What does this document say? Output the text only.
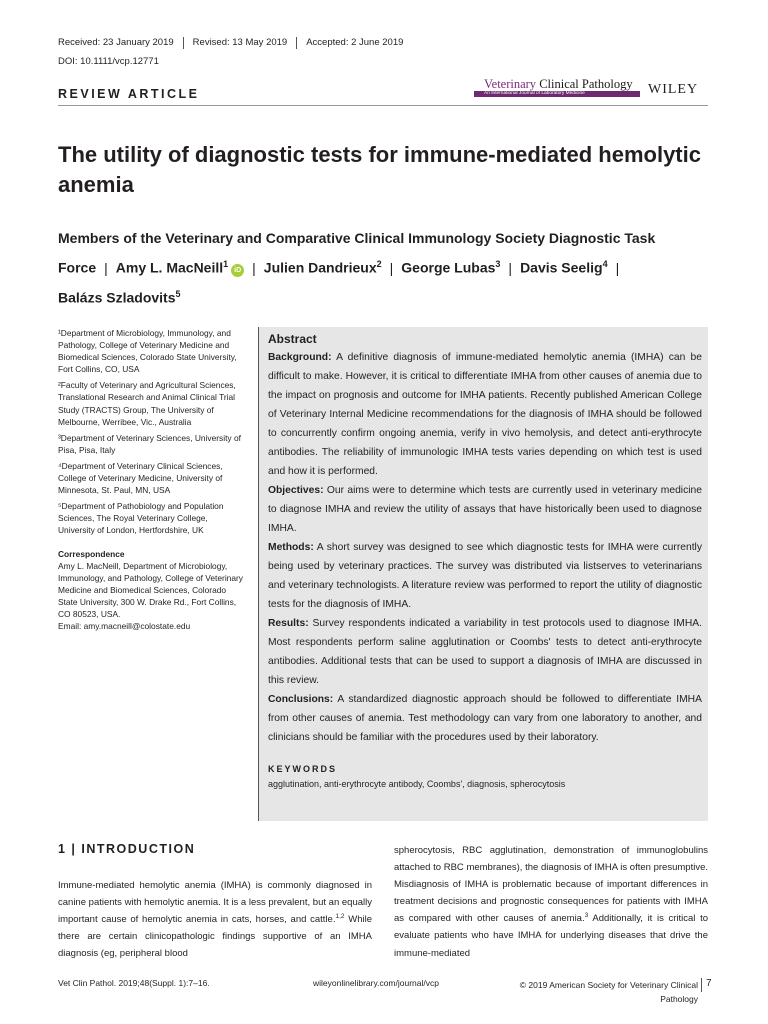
Received: 23 January 2019	Revised: 13 May 2019	Accepted: 2 June 2019
DOI: 10.1111/vcp.12771
REVIEW ARTICLE
Veterinary Clinical Pathology
An International Journal of Laboratory Medicine	WILEY
The utility of diagnostic tests for immune-mediated hemolytic anemia
Members of the Veterinary and Comparative Clinical Immunology Society Diagnostic Task Force | Amy L. MacNeill$^1$iD | Julien Dandrieux$^2$ | George Lubas$^3$ | Davis Seelig$^4$ |
Balázs Szladovits$^5$
¹Department of Microbiology, Immunology, and Pathology, College of Veterinary Medicine and Biomedical Sciences, Colorado State University, Fort Collins, CO, USA
²Faculty of Veterinary and Agricultural Sciences, Translational Research and Animal Clinical Trial Study (TRACTS) Group, The University of Melbourne, Werribee, Vic., Australia
³Department of Veterinary Sciences, University of Pisa, Pisa, Italy
⁴Department of Veterinary Clinical Sciences, College of Veterinary Medicine, University of Minnesota, St. Paul, MN, USA
⁵Department of Pathobiology and Population Sciences, The Royal Veterinary College, University of London, Hertfordshire, UK
Correspondence
Amy L. MacNeill, Department of Microbiology, Immunology, and Pathology, College of Veterinary Medicine and Biomedical Sciences, Colorado State University, 300 W. Drake Rd., Fort Collins, CO 80523, USA.
Email: amy.macneill@colostate.edu
Abstract
Background: A definitive diagnosis of immune-mediated hemolytic anemia (IMHA) can be difficult to make. However, it is critical to differentiate IMHA from other causes of anemia due to the impact on prognosis and outcome for IMHA patients. Recently published American College of Veterinary Internal Medicine recommendations for the diagnosis of IMHA should be followed to concurrently confirm ongoing anemia, verify in vivo hemolysis, and detect anti-erythrocyte antibodies. The reliability of immunologic IMHA tests varies depending on which test is used and how it is performed.
Objectives: Our aims were to determine which tests are currently used in veterinary medicine to diagnose IMHA and review the utility of assays that have historically been used to diagnose IMHA.
Methods: A short survey was designed to see which diagnostic tests for IMHA were currently being used by veterinary practices. The survey was distributed via listserves to veterinarians and veterinary technologists. A literature review was performed to report the utility of diagnostic tests for the diagnosis of IMHA.
Results: Survey respondents indicated a variability in test protocols used to diagnose IMHA. Most respondents perform saline agglutination or Coombs' tests to detect anti-erythrocyte antibodies. Additional tests that can be used to support a diagnosis of IMHA are discussed in this review.
Conclusions: A standardized diagnostic approach should be followed to differentiate IMHA from other causes of anemia. Test methodology can vary from one laboratory to another, and clinicians should be familiar with the procedures used by their laboratory.
KEYWORDS
agglutination, anti-erythrocyte antibody, Coombs', diagnosis, spherocytosis
1 | INTRODUCTION
Immune-mediated hemolytic anemia (IMHA) is commonly diagnosed in canine patients with hemolytic anemia. It is a less prevalent, but an equally important cause of hemolytic anemia in cats, horses, and cattle.$^{1,2}$ While there are certain clinicopathologic findings supportive of an IMHA diagnosis (eg, peripheral blood
spherocytosis, RBC agglutination, demonstration of immunoglobulins attached to RBC membranes), the diagnosis of IMHA is often presumptive. Misdiagnosis of IMHA is problematic because of important differences in treatment decisions and prognostic consequences for patients with IMHA as compared with other causes of anemia.$^3$ Additionally, it is critical to evaluate patients who have IMHA for underlying diseases that drive the immune-mediated
Vet Clin Pathol. 2019;48(Suppl. 1):7–16.	wileyonlinelibrary.com/journal/vcp	© 2019 American Society for Veterinary Clinical Pathology
7
